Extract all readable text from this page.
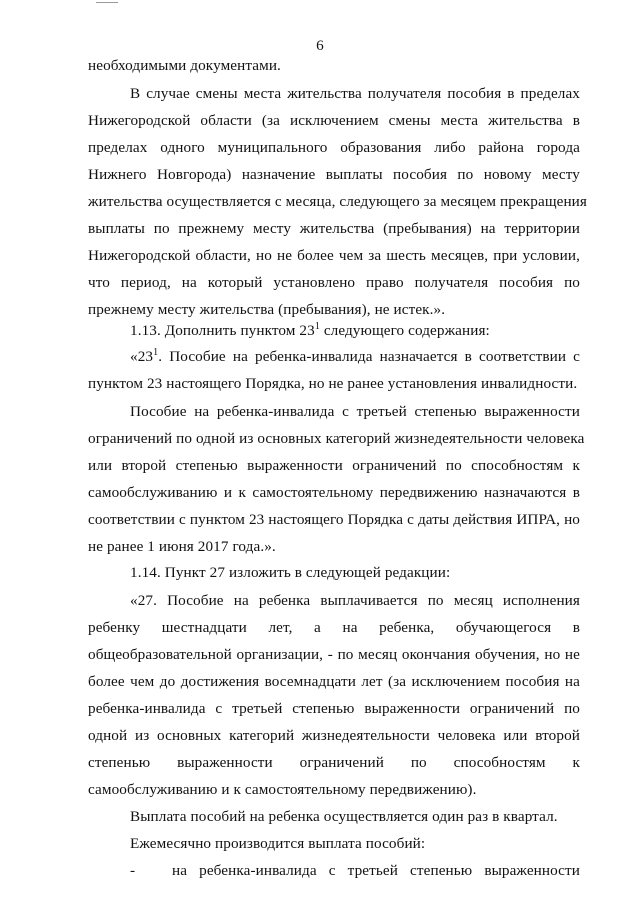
6
необходимыми документами.
В случае смены места жительства получателя пособия в пределах
Нижегородской области (за исключением смены места жительства в
пределах одного муниципального образования либо района города
Нижнего Новгорода) назначение выплаты пособия по новому месту
жительства осуществляется с месяца, следующего за месяцем прекращения
выплаты по прежнему месту жительства (пребывания) на территории
Нижегородской области, но не более чем за шесть месяцев, при условии,
что период, на который установлено право получателя пособия по
прежнему месту жительства (пребывания), не истек.».
1.13. Дополнить пунктом $23^1$ следующего содержания:
«$23^1$. Пособие на ребенка-инвалида назначается в соответствии с
пунктом 23 настоящего Порядка, но не ранее установления инвалидности.
Пособие на ребенка-инвалида с третьей степенью выраженности
ограничений по одной из основных категорий жизнедеятельности человека
или второй степенью выраженности ограничений по способностям к
самообслуживанию и к самостоятельному передвижению назначаются в
соответствии с пунктом 23 настоящего Порядка с даты действия ИПРА, но
не ранее 1 июня 2017 года.».
1.14. Пункт 27 изложить в следующей редакции:
«27. Пособие на ребенка выплачивается по месяц исполнения
ребенку шестнадцати лет, а на ребенка, обучающегося в
общеобразовательной организации, - по месяц окончания обучения, но не
более чем до достижения восемнадцати лет (за исключением пособия на
ребенка-инвалида с третьей степенью выраженности ограничений по
одной из основных категорий жизнедеятельности человека или второй
степенью выраженности ограничений по способностям к
самообслуживанию и к самостоятельному передвижению).
Выплата пособий на ребенка осуществляется один раз в квартал.
Ежемесячно производится выплата пособий:
- на ребенка-инвалида с третьей степенью выраженности
